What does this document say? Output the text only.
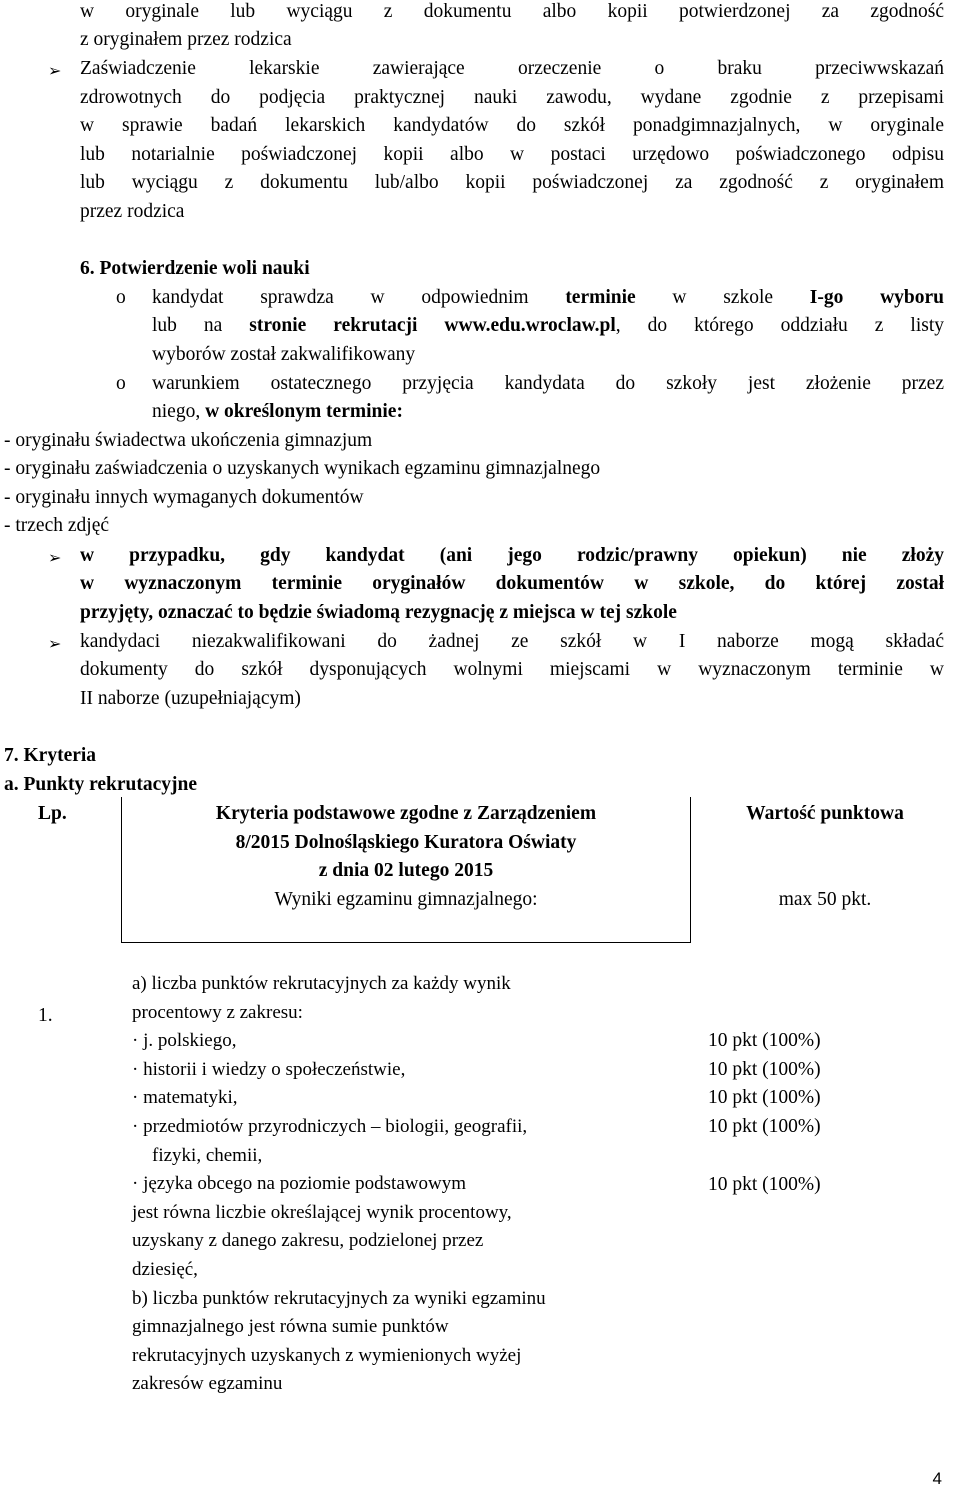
w oryginale lub wyciągu z dokumentu albo kopii potwierdzonej za zgodność
z oryginałem przez rodzica
➢ Zaświadczenie lekarskie zawierające orzeczenie o braku przeciwwskazań
zdrowotnych do podjęcia praktycznej nauki zawodu, wydane zgodnie z przepisami
w sprawie badań lekarskich kandydatów do szkół ponadgimnazjalnych, w oryginale
lub notarialnie poświadczonej kopii albo w postaci urzędowo poświadczonego odpisu
lub wyciągu z dokumentu lub/albo kopii poświadczonej za zgodność z oryginałem
przez rodzica
6. Potwierdzenie woli nauki
o kandydat sprawdza w odpowiednim terminie w szkole I-go wyboru
lub na stronie rekrutacji www.edu.wroclaw.pl, do którego oddziału z listy
wyborów został zakwalifikowany
o warunkiem ostatecznego przyjęcia kandydata do szkoły jest złożenie przez
niego, w określonym terminie:
- oryginału świadectwa ukończenia gimnazjum
- oryginału zaświadczenia o uzyskanych wynikach egzaminu gimnazjalnego
- oryginału innych wymaganych dokumentów
- trzech zdjęć
➢ w przypadku, gdy kandydat (ani jego rodzic/prawny opiekun) nie złoży
w wyznaczonym terminie oryginałów dokumentów w szkole, do której został
przyjęty, oznaczać to będzie świadomą rezygnację z miejsca w tej szkole
➢ kandydaci niezakwalifikowani do żadnej ze szkół w I naborze mogą składać
dokumenty do szkół dysponujących wolnymi miejscami w wyznaczonym terminie w
II naborze (uzupełniającym)
7. Kryteria
a. Punkty rekrutacyjne
Lp.	Kryteria podstawowe zgodne z Zarządzeniem
8/2015 Dolnośląskiego Kuratora Oświaty
z dnia 02 lutego 2015
Wartość punktowa
Wyniki egzaminu gimnazjalnego:	max 50 pkt.
1.
a) liczba punktów rekrutacyjnych za każdy wynik
procentowy z zakresu:
· j. polskiego,
· historii i wiedzy o społeczeństwie,
· matematyki,
· przedmiotów przyrodniczych – biologii, geografii,
fizyki, chemii,
· języka obcego na poziomie podstawowym
jest równa liczbie określającej wynik procentowy,
uzyskany z danego zakresu, podzielonej przez
dziesięć,
b) liczba punktów rekrutacyjnych za wyniki egzaminu
gimnazjalnego jest równa sumie punktów
rekrutacyjnych uzyskanych z wymienionych wyżej
zakresów egzaminu
10 pkt (100%)
10 pkt (100%)
10 pkt (100%)
10 pkt (100%)
10 pkt (100%)
4
